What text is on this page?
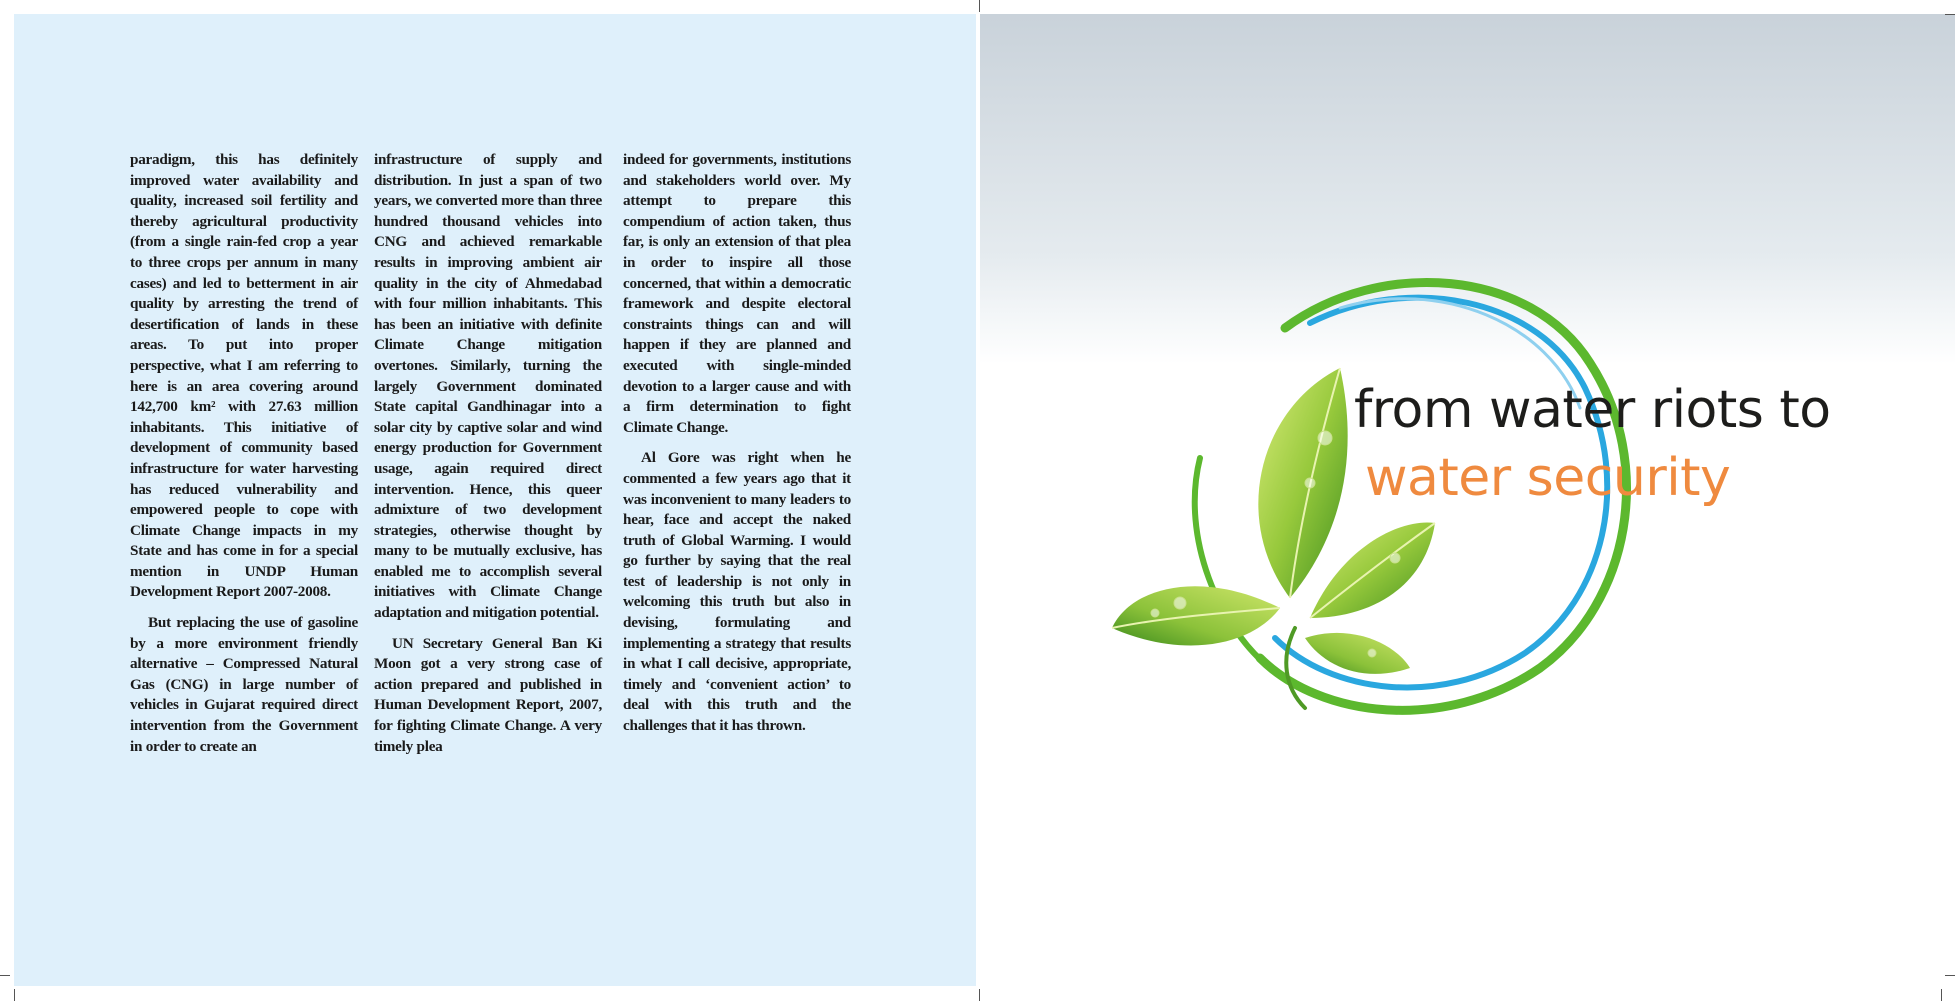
paradigm, this has definitely improved water availability and quality, increased soil fertility and thereby agricultural productivity (from a single rain-fed crop a year to three crops per annum in many cases) and led to betterment in air quality by arresting the trend of desertification of lands in these areas. To put into proper perspective, what I am referring to here is an area covering around 142,700 km² with 27.63 million inhabitants. This initiative of development of community based infrastructure for water harvesting has reduced vulnerability and empowered people to cope with Climate Change impacts in my State and has come in for a special mention in UNDP Human Development Report 2007-2008.

But replacing the use of gasoline by a more environment friendly alternative – Compressed Natural Gas (CNG) in large number of vehicles in Gujarat required direct intervention from the Government in order to create an

infrastructure of supply and distribution. In just a span of two years, we converted more than three hundred thousand vehicles into CNG and achieved remarkable results in improving ambient air quality in the city of Ahmedabad with four million inhabitants. This has been an initiative with definite Climate Change mitigation overtones. Similarly, turning the largely Government dominated State capital Gandhinagar into a solar city by captive solar and wind energy production for Government usage, again required direct intervention. Hence, this queer admixture of two development strategies, otherwise thought by many to be mutually exclusive, has enabled me to accomplish several initiatives with Climate Change adaptation and mitigation potential.

UN Secretary General Ban Ki Moon got a very strong case of action prepared and published in Human Development Report, 2007, for fighting Climate Change. A very timely plea

indeed for governments, institutions and stakeholders world over. My attempt to prepare this compendium of action taken, thus far, is only an extension of that plea in order to inspire all those concerned, that within a democratic framework and despite electoral constraints things can and will happen if they are planned and executed with single-minded devotion to a larger cause and with a firm determination to fight Climate Change.

Al Gore was right when he commented a few years ago that it was inconvenient to many leaders to hear, face and accept the naked truth of Global Warming. I would go further by saying that the real test of leadership is not only in welcoming this truth but also in devising, formulating and implementing a strategy that results in what I call decisive, appropriate, timely and ‘convenient action’ to deal with this truth and the challenges that it has thrown.

from water riots to
water security
